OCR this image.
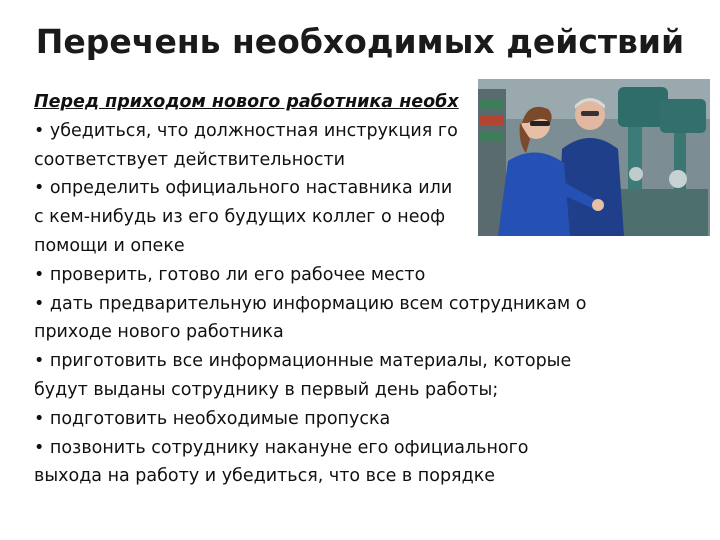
Перечень необходимых действий
Перед приходом нового работника необх
• убедиться, что должностная инструкция го
соответствует действительности
• определить официального наставника или
с кем-нибудь из его будущих коллег о неоф
помощи и опеке
• проверить, готово ли его рабочее место
• дать предварительную информацию всем сотрудникам о
приходе нового работника
• приготовить все информационные материалы, которые
будут выданы сотруднику в первый день работы;
• подготовить необходимые пропуска
• позвонить сотруднику накануне его официального
выхода на работу и убедиться, что все в порядке
